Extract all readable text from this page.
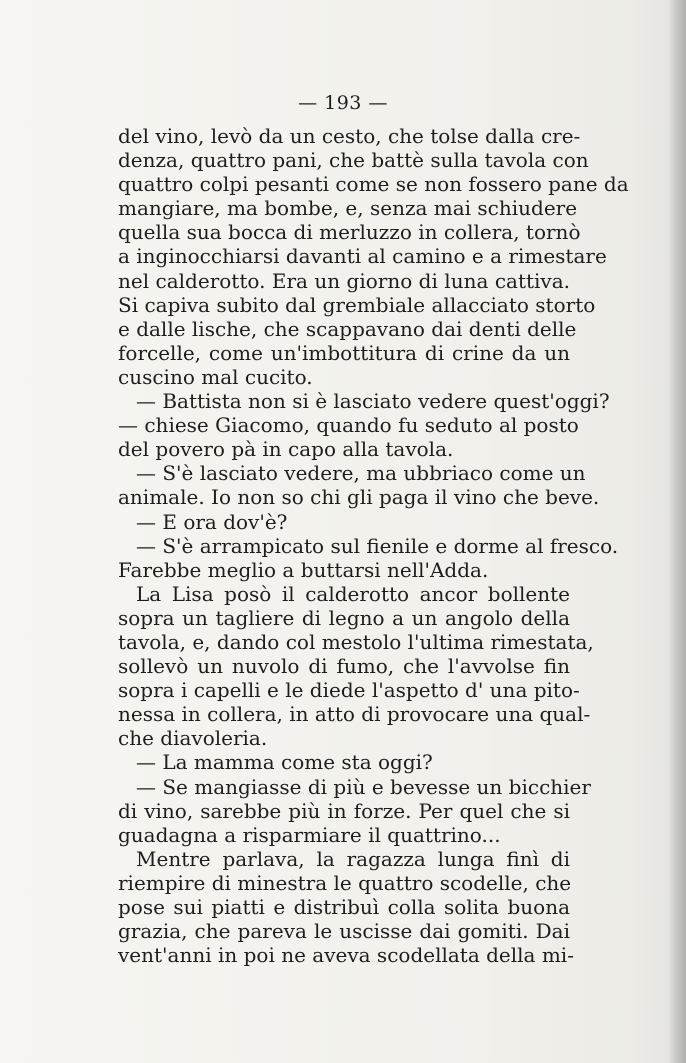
— 193 —
del vino, levò da un cesto, che tolse dalla cre-
denza, quattro pani, che battè sulla tavola con
quattro colpi pesanti come se non fossero pane da
mangiare, ma bombe, e, senza mai schiudere
quella sua bocca di merluzzo in collera, tornò
a inginocchiarsi davanti al camino e a rimestare
nel calderotto. Era un giorno di luna cattiva.
Si capiva subito dal grembiale allacciato storto
e dalle lische, che scappavano dai denti delle
forcelle, come un'imbottitura di crine da un
cuscino mal cucito.
— Battista non si è lasciato vedere quest'oggi?
— chiese Giacomo, quando fu seduto al posto
del povero pà in capo alla tavola.
— S'è lasciato vedere, ma ubbriaco come un
animale. Io non so chi gli paga il vino che beve.
— E ora dov'è?
— S'è arrampicato sul fienile e dorme al fresco.
Farebbe meglio a buttarsi nell'Adda.
La Lisa posò il calderotto ancor bollente
sopra un tagliere di legno a un angolo della
tavola, e, dando col mestolo l'ultima rimestata,
sollevò un nuvolo di fumo, che l'avvolse fin
sopra i capelli e le diede l'aspetto d' una pito-
nessa in collera, in atto di provocare una qual-
che diavoleria.
— La mamma come sta oggi?
— Se mangiasse di più e bevesse un bicchier
di vino, sarebbe più in forze. Per quel che si
guadagna a risparmiare il quattrino...
Mentre parlava, la ragazza lunga finì di
riempire di minestra le quattro scodelle, che
pose sui piatti e distribuì colla solita buona
grazia, che pareva le uscisse dai gomiti. Dai
vent'anni in poi ne aveva scodellata della mi-
